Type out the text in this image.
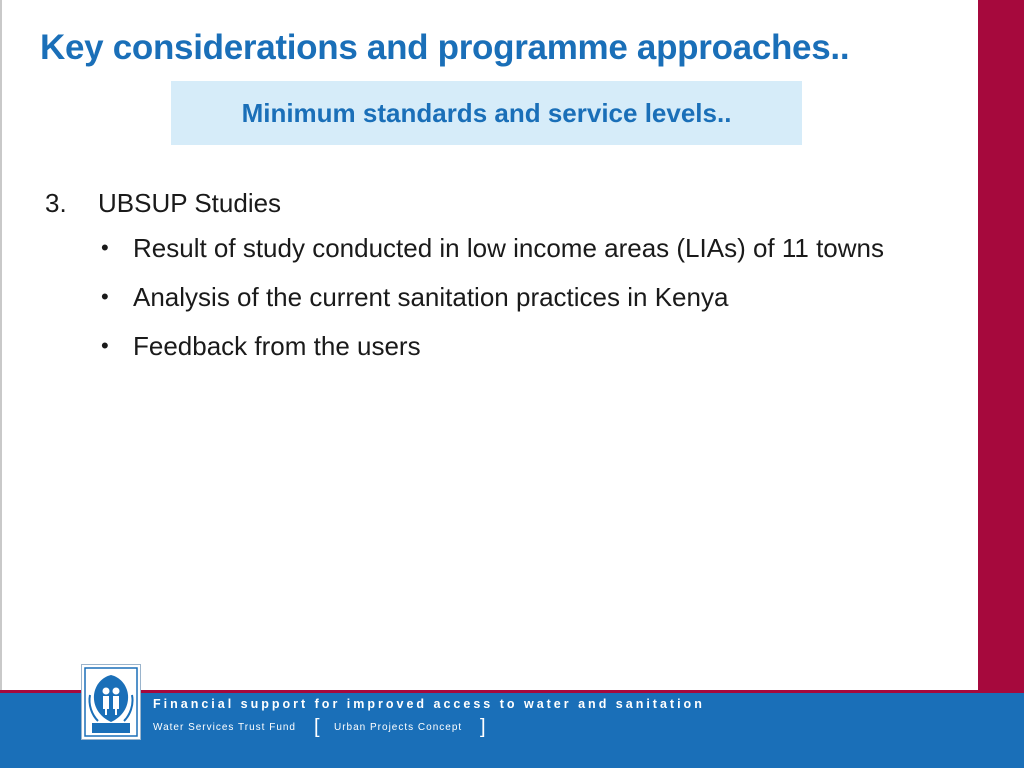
Key considerations and programme approaches..
Minimum standards and service levels..
3. UBSUP Studies
• Result of study conducted in low income areas (LIAs) of 11 towns
• Analysis of the current sanitation practices in Kenya
• Feedback from the users
Financial support for improved access to water and sanitation
Water Services Trust Fund [ Urban Projects Concept ]
